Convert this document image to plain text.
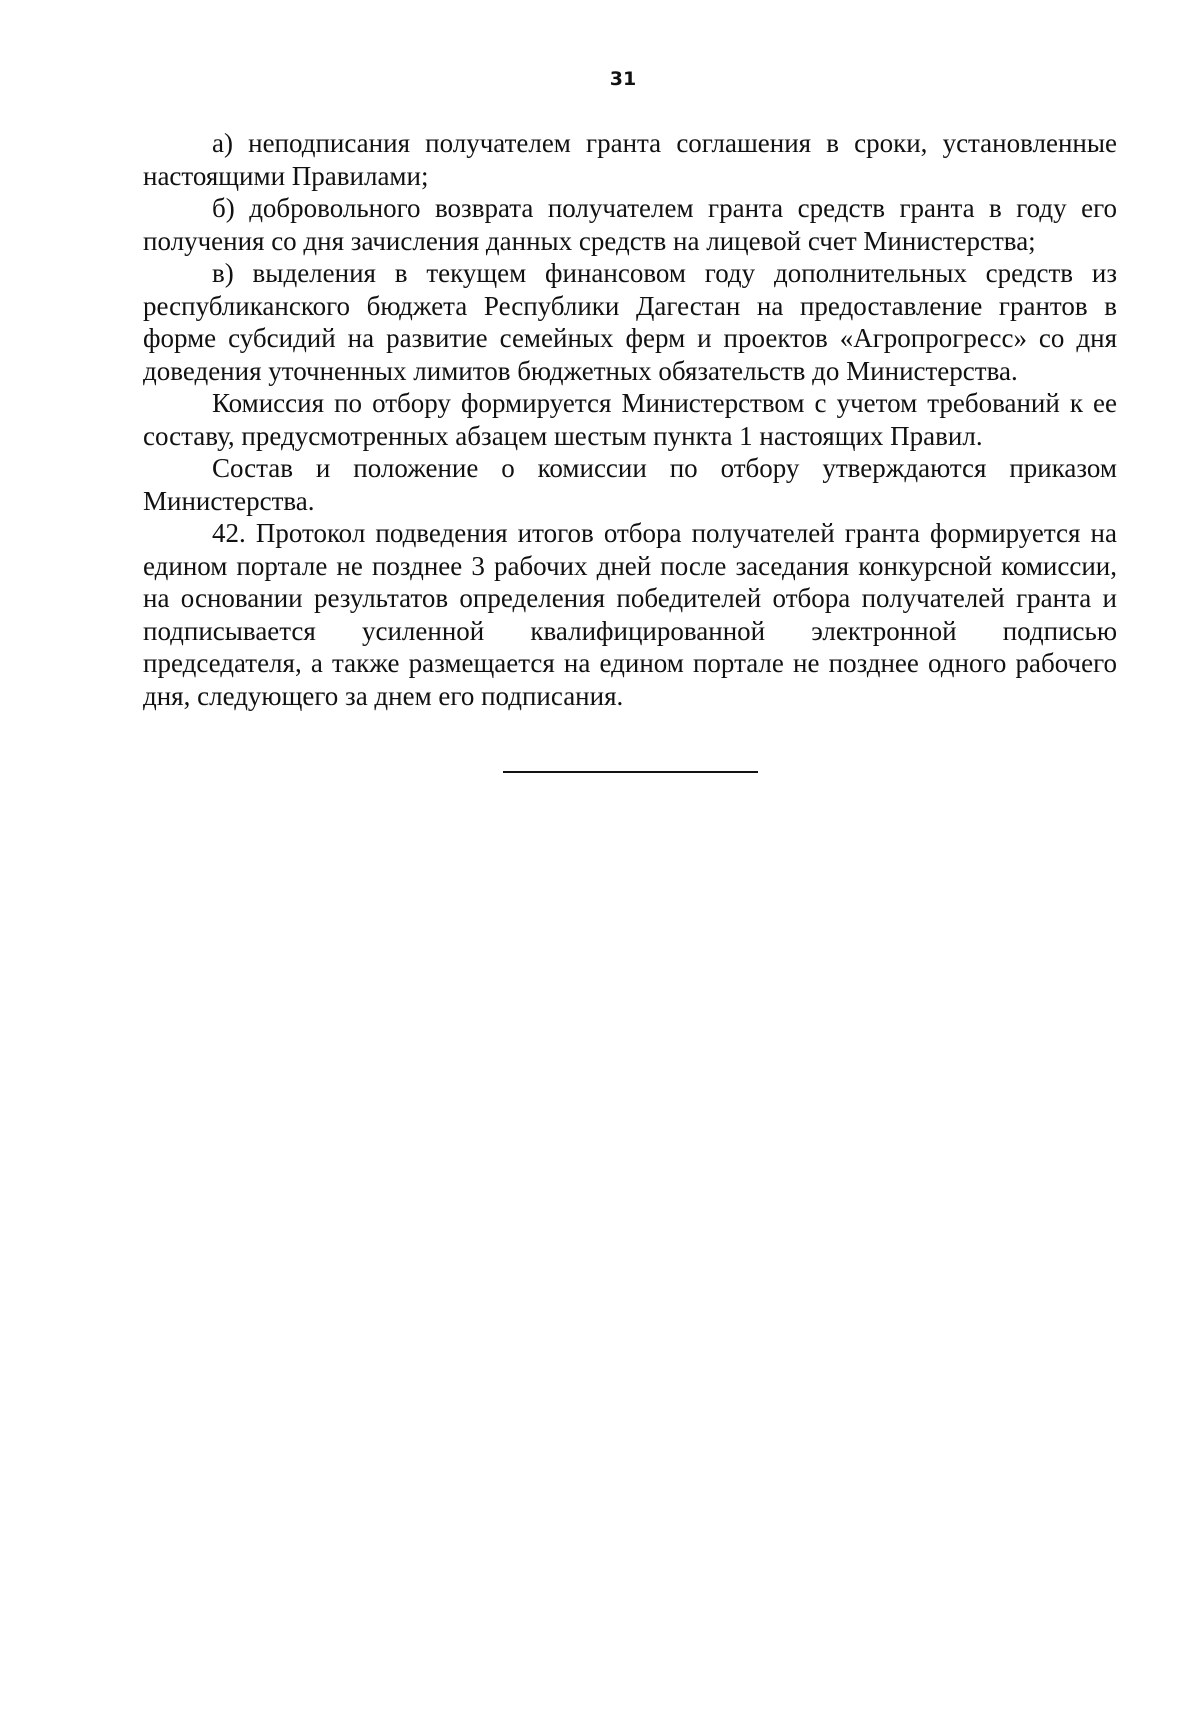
31

а) неподписания получателем гранта соглашения в сроки, установленные настоящими Правилами;

б) добровольного возврата получателем гранта средств гранта в году его получения со дня зачисления данных средств на лицевой счет Министерства;

в) выделения в текущем финансовом году дополнительных средств из республиканского бюджета Республики Дагестан на предоставление грантов в форме субсидий на развитие семейных ферм и проектов «Агропрогресс» со дня доведения уточненных лимитов бюджетных обязательств до Министерства.

Комиссия по отбору формируется Министерством с учетом требований к ее составу, предусмотренных абзацем шестым пункта 1 настоящих Правил.

Состав и положение о комиссии по отбору утверждаются приказом Министерства.

42. Протокол подведения итогов отбора получателей гранта формируется на едином портале не позднее 3 рабочих дней после заседания конкурсной комиссии, на основании результатов определения победителей отбора получателей гранта и подписывается усиленной квалифицированной электронной подписью председателя, а также размещается на едином портале не позднее одного рабочего дня, следующего за днем его подписания.
